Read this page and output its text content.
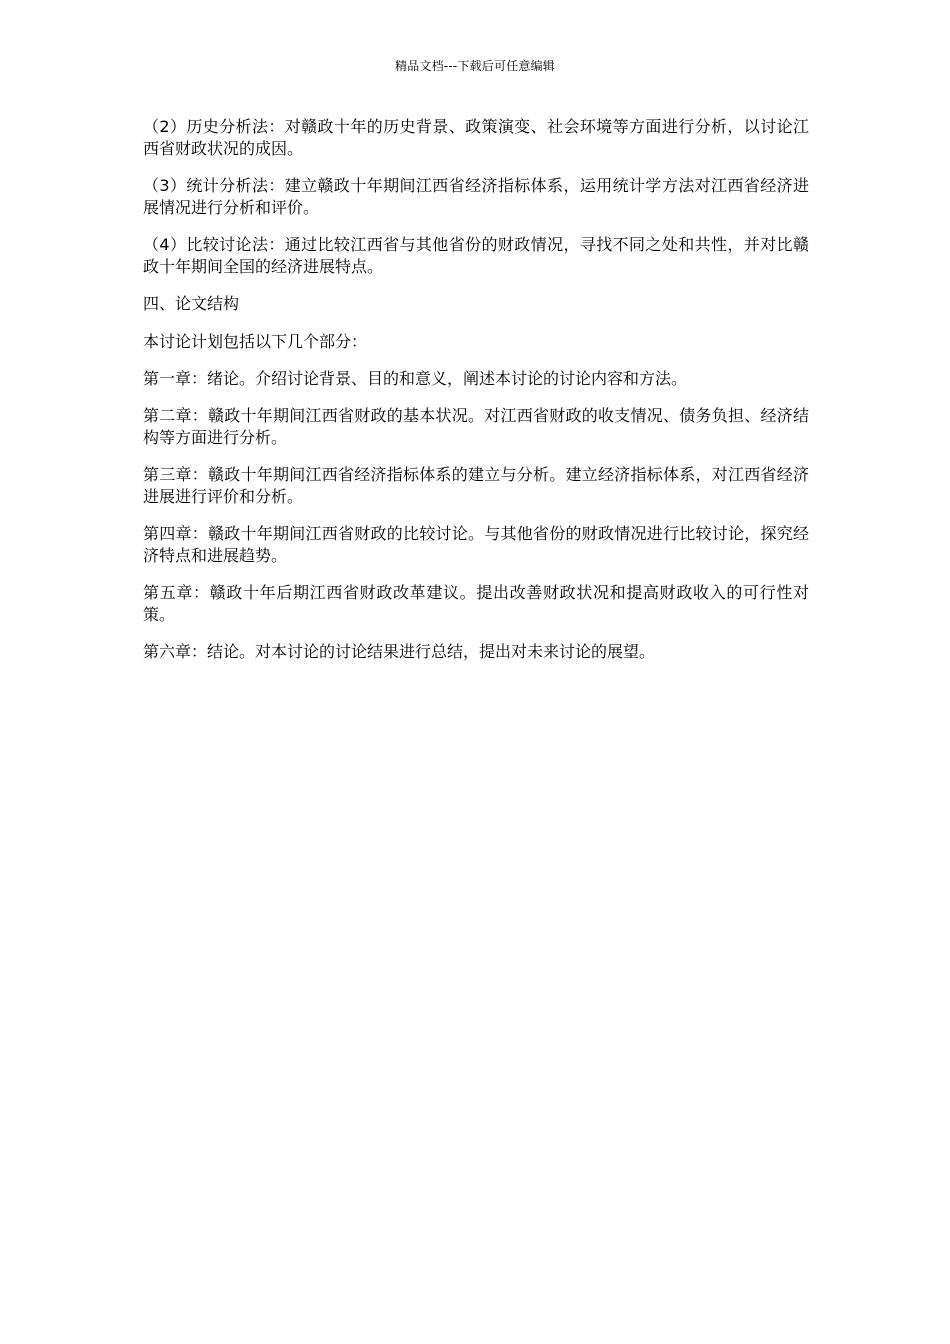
精品文档---下载后可任意编辑

（2）历史分析法：对赣政十年的历史背景、政策演变、社会环境等方面进行分析，以讨论江西省财政状况的成因。

（3）统计分析法：建立赣政十年期间江西省经济指标体系，运用统计学方法对江西省经济进展情况进行分析和评价。

（4）比较讨论法：通过比较江西省与其他省份的财政情况，寻找不同之处和共性，并对比赣政十年期间全国的经济进展特点。

四、论文结构

本讨论计划包括以下几个部分：

第一章：绪论。介绍讨论背景、目的和意义，阐述本讨论的讨论内容和方法。

第二章：赣政十年期间江西省财政的基本状况。对江西省财政的收支情况、债务负担、经济结构等方面进行分析。

第三章：赣政十年期间江西省经济指标体系的建立与分析。建立经济指标体系，对江西省经济进展进行评价和分析。

第四章：赣政十年期间江西省财政的比较讨论。与其他省份的财政情况进行比较讨论，探究经济特点和进展趋势。

第五章：赣政十年后期江西省财政改革建议。提出改善财政状况和提高财政收入的可行性对策。

第六章：结论。对本讨论的讨论结果进行总结，提出对未来讨论的展望。
